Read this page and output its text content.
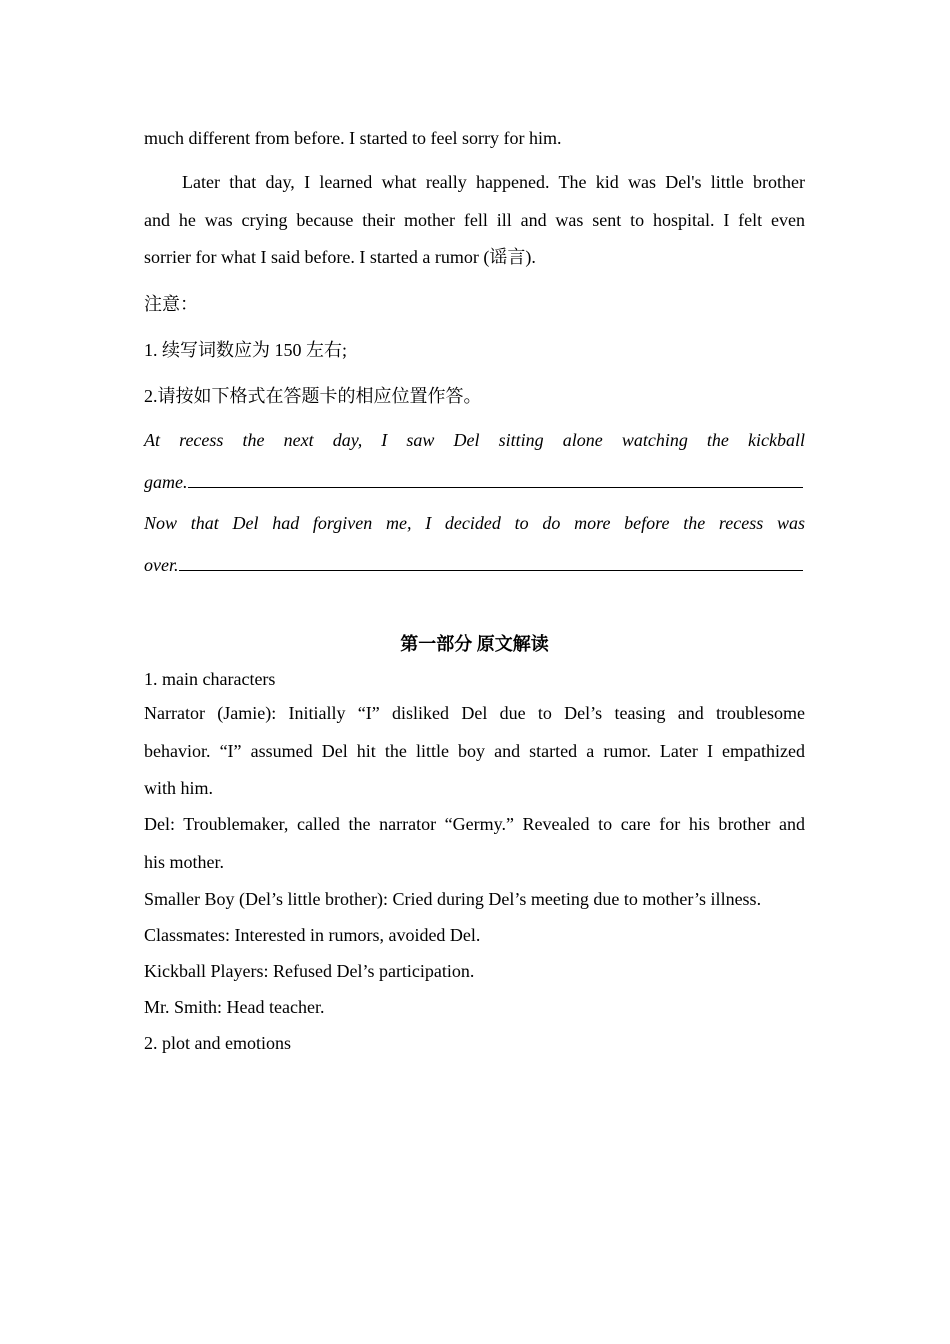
much different from before. I started to feel sorry for him.

Later that day, I learned what really happened. The kid was Del's little brother
and he was crying because their mother fell ill and was sent to hospital. I felt even
sorrier for what I said before. I started a rumor (谣言).

注意：

1. 续写词数应为 150 左右;

2.请按如下格式在答题卡的相应位置作答。

At recess the next day, I saw Del sitting alone watching the kickball
game.
Now that Del had forgiven me, I decided to do more before the recess was
over.
第一部分 原文解读

1. main characters

Narrator (Jamie): Initially “I” disliked Del due to Del’s teasing and troublesome
behavior. “I” assumed Del hit the little boy and started a rumor. Later I empathized
with him.
Del: Troublemaker, called the narrator “Germy.” Revealed to care for his brother and
his mother.

Smaller Boy (Del’s little brother): Cried during Del’s meeting due to mother’s illness.

Classmates: Interested in rumors, avoided Del.

Kickball Players: Refused Del’s participation.

Mr. Smith: Head teacher.

2. plot and emotions
